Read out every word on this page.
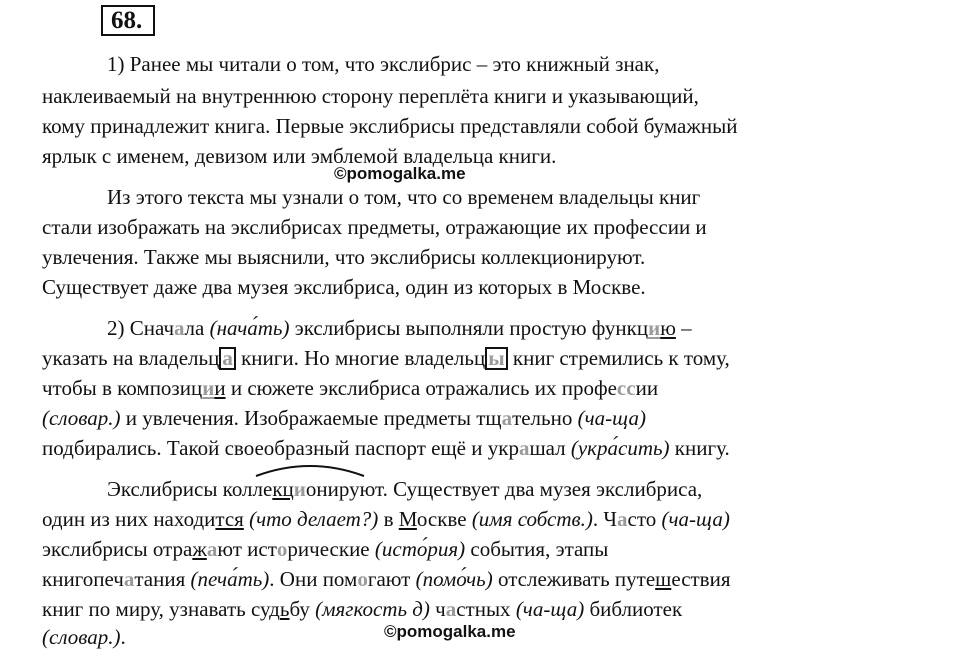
68.
1) Ранее мы читали о том, что экслибрис – это книжный знак,
наклеиваемый на внутреннюю сторону переплёта книги и указывающий,
кому принадлежит книга. Первые экслибрисы представляли собой бумажный
ярлык с именем, девизом или эмблемой владельца книги.
©pomogalka.me
Из этого текста мы узнали о том, что со временем владельцы книг
стали изображать на экслибрисах предметы, отражающие их профессии и
увлечения. Также мы выяснили, что экслибрисы коллекционируют.
Существует даже два музея экслибриса, один из которых в Москве.
2) Сначала (нача́ть) экслибрисы выполняли простую функцию –
указать на владельц а книги. Но многие владельц ы книг стремились к тому,
чтобы в композиции и сюжете экслибриса отражались их профессии
(словар.) и увлечения. Изображаемые предметы тщательно (ча-ща)
подбирались. Такой своеобразный паспорт ещё и украшал (укра́сить) книгу.
Экслибрисы коллекционируют. Существует два музея экслибриса,
один из них находится (что делает?) в Москве (имя собств.). Часто (ча-ща)
экслибрисы отражают исторические (исто́рия) события, этапы
книгопечатания (печа́ть). Они помогают (помо́чь) отслеживать путешествия
книг по миру, узнавать судьбу (мягкость д) частных (ча-ща) библиотек
(словар.).	©pomogalka.me
